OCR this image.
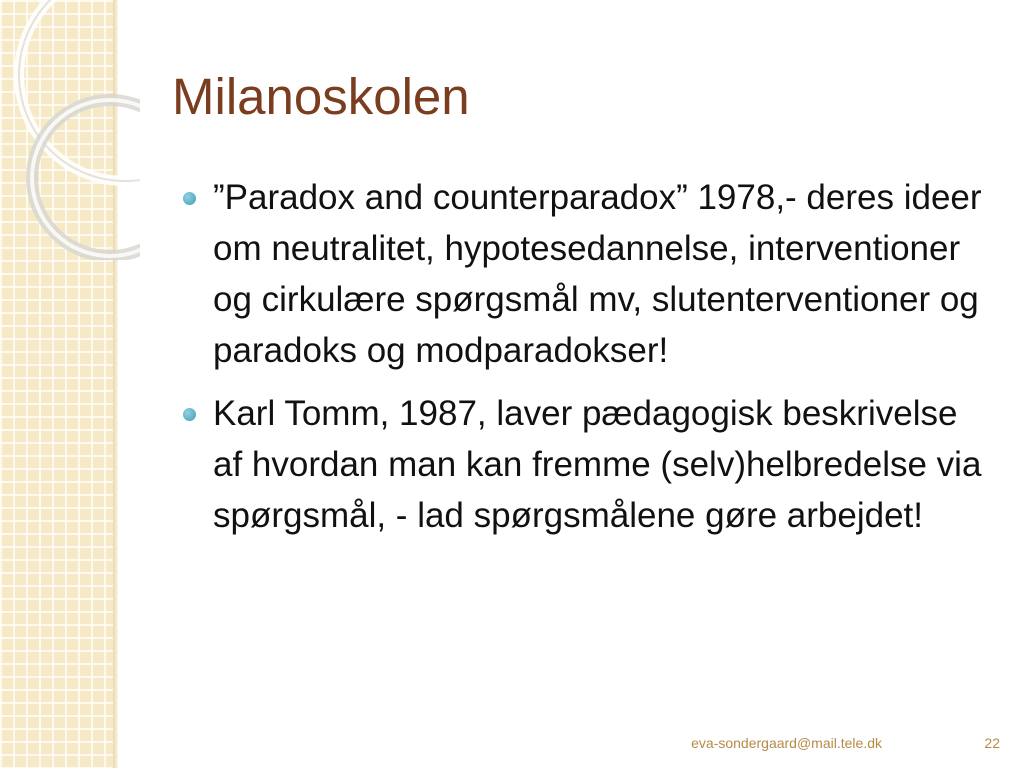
Milanoskolen
”Paradox and counterparadox” 1978,- deres ideer om neutralitet, hypotesedannelse, interventioner og cirkulære spørgsmål mv, slutenterventioner og paradoks og modparadokser!
Karl Tomm, 1987, laver pædagogisk beskrivelse af hvordan man kan fremme (selv)helbredelse via spørgsmål, - lad spørgsmålene gøre arbejdet!
eva-sondergaard@mail.tele.dk	22
